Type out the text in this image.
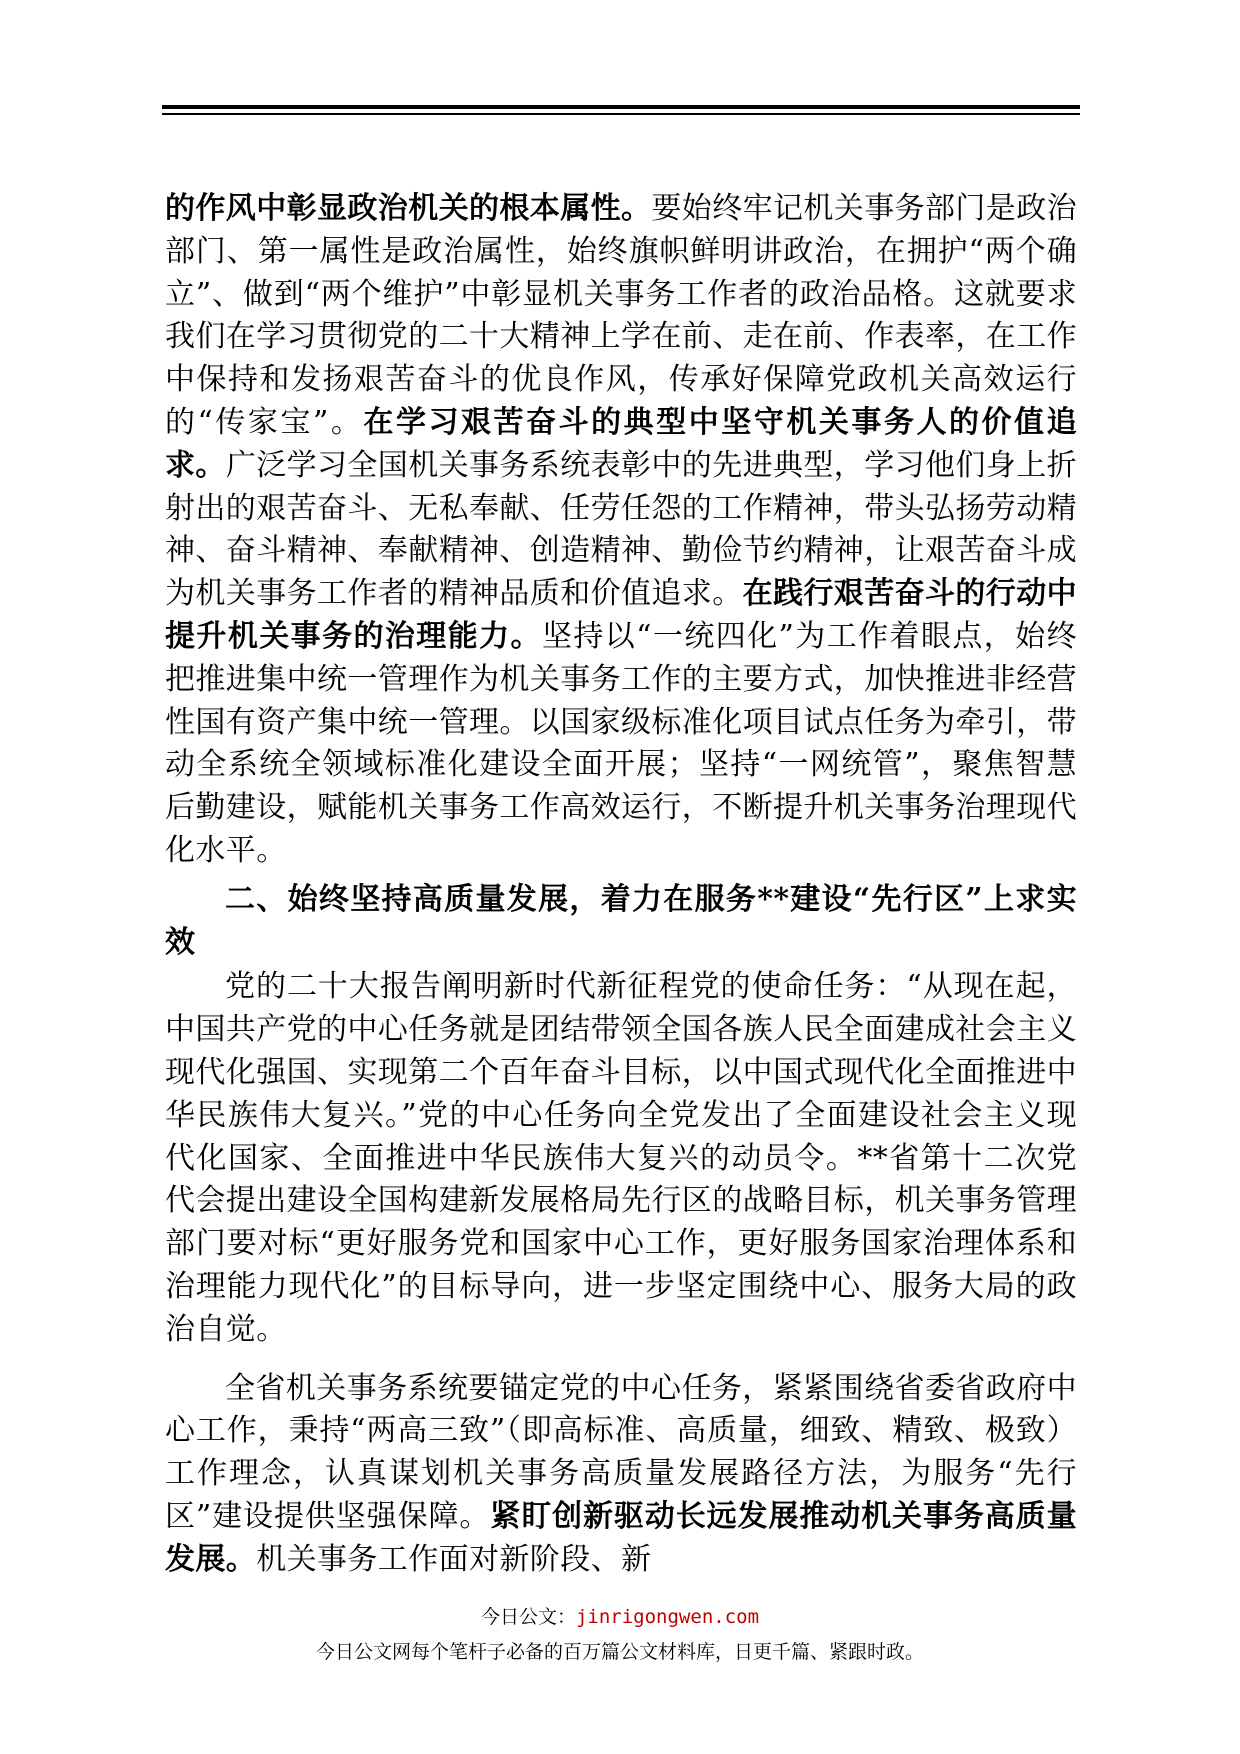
的作风中彰显政治机关的根本属性。要始终牢记机关事务部门是政治部门、第一属性是政治属性，始终旗帜鲜明讲政治，在拥护“两个确立”、做到“两个维护”中彰显机关事务工作者的政治品格。这就要求我们在学习贯彻党的二十大精神上学在前、走在前、作表率，在工作中保持和发扬艰苦奋斗的优良作风，传承好保障党政机关高效运行的“传家宝”。在学习艰苦奋斗的典型中坚守机关事务人的价值追求。广泛学习全国机关事务系统表彰中的先进典型，学习他们身上折射出的艰苦奋斗、无私奉献、任劳任怨的工作精神，带头弘扬劳动精神、奋斗精神、奉献精神、创造精神、勤俭节约精神，让艰苦奋斗成为机关事务工作者的精神品质和价值追求。在践行艰苦奋斗的行动中提升机关事务的治理能力。坚持以“一统四化”为工作着眼点，始终把推进集中统一管理作为机关事务工作的主要方式，加快推进非经营性国有资产集中统一管理。以国家级标准化项目试点任务为牵引，带动全系统全领域标准化建设全面开展；坚持“一网统管”，聚焦智慧后勤建设，赋能机关事务工作高效运行，不断提升机关事务治理现代化水平。

二、始终坚持高质量发展，着力在服务**建设“先行区”上求实效

党的二十大报告阐明新时代新征程党的使命任务：“从现在起，中国共产党的中心任务就是团结带领全国各族人民全面建成社会主义现代化强国、实现第二个百年奋斗目标，以中国式现代化全面推进中华民族伟大复兴。”党的中心任务向全党发出了全面建设社会主义现代化国家、全面推进中华民族伟大复兴的动员令。**省第十二次党代会提出建设全国构建新发展格局先行区的战略目标，机关事务管理部门要对标“更好服务党和国家中心工作，更好服务国家治理体系和治理能力现代化”的目标导向，进一步坚定围绕中心、服务大局的政治自觉。

全省机关事务系统要锚定党的中心任务，紧紧围绕省委省政府中心工作，秉持“两高三致”（即高标准、高质量，细致、精致、极致）工作理念，认真谋划机关事务高质量发展路径方法，为服务“先行区”建设提供坚强保障。紧盯创新驱动长远发展推动机关事务高质量发展。机关事务工作面对新阶段、新

今日公文：jinrigongwen.com
今日公文网每个笔杆子必备的百万篇公文材料库，日更千篇、紧跟时政。
